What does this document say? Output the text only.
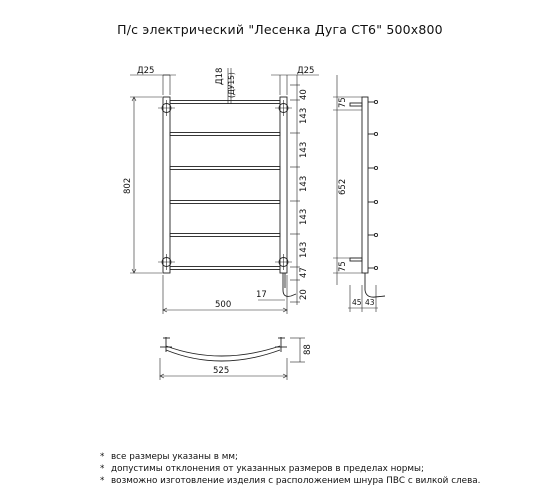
П/с электрический "Лесенка Дуга СТ6" 500х800
Д25	Д25
Д18 (ДУ15)
802
500
17
40
143
143
143
143
143
47
20
75
652
75
45 43
525
88
* все размеры указаны в мм;
* допустимы отклонения от указанных размеров в пределах нормы;
* возможно изготовление изделия с расположением шнура ПВС с вилкой слева.
